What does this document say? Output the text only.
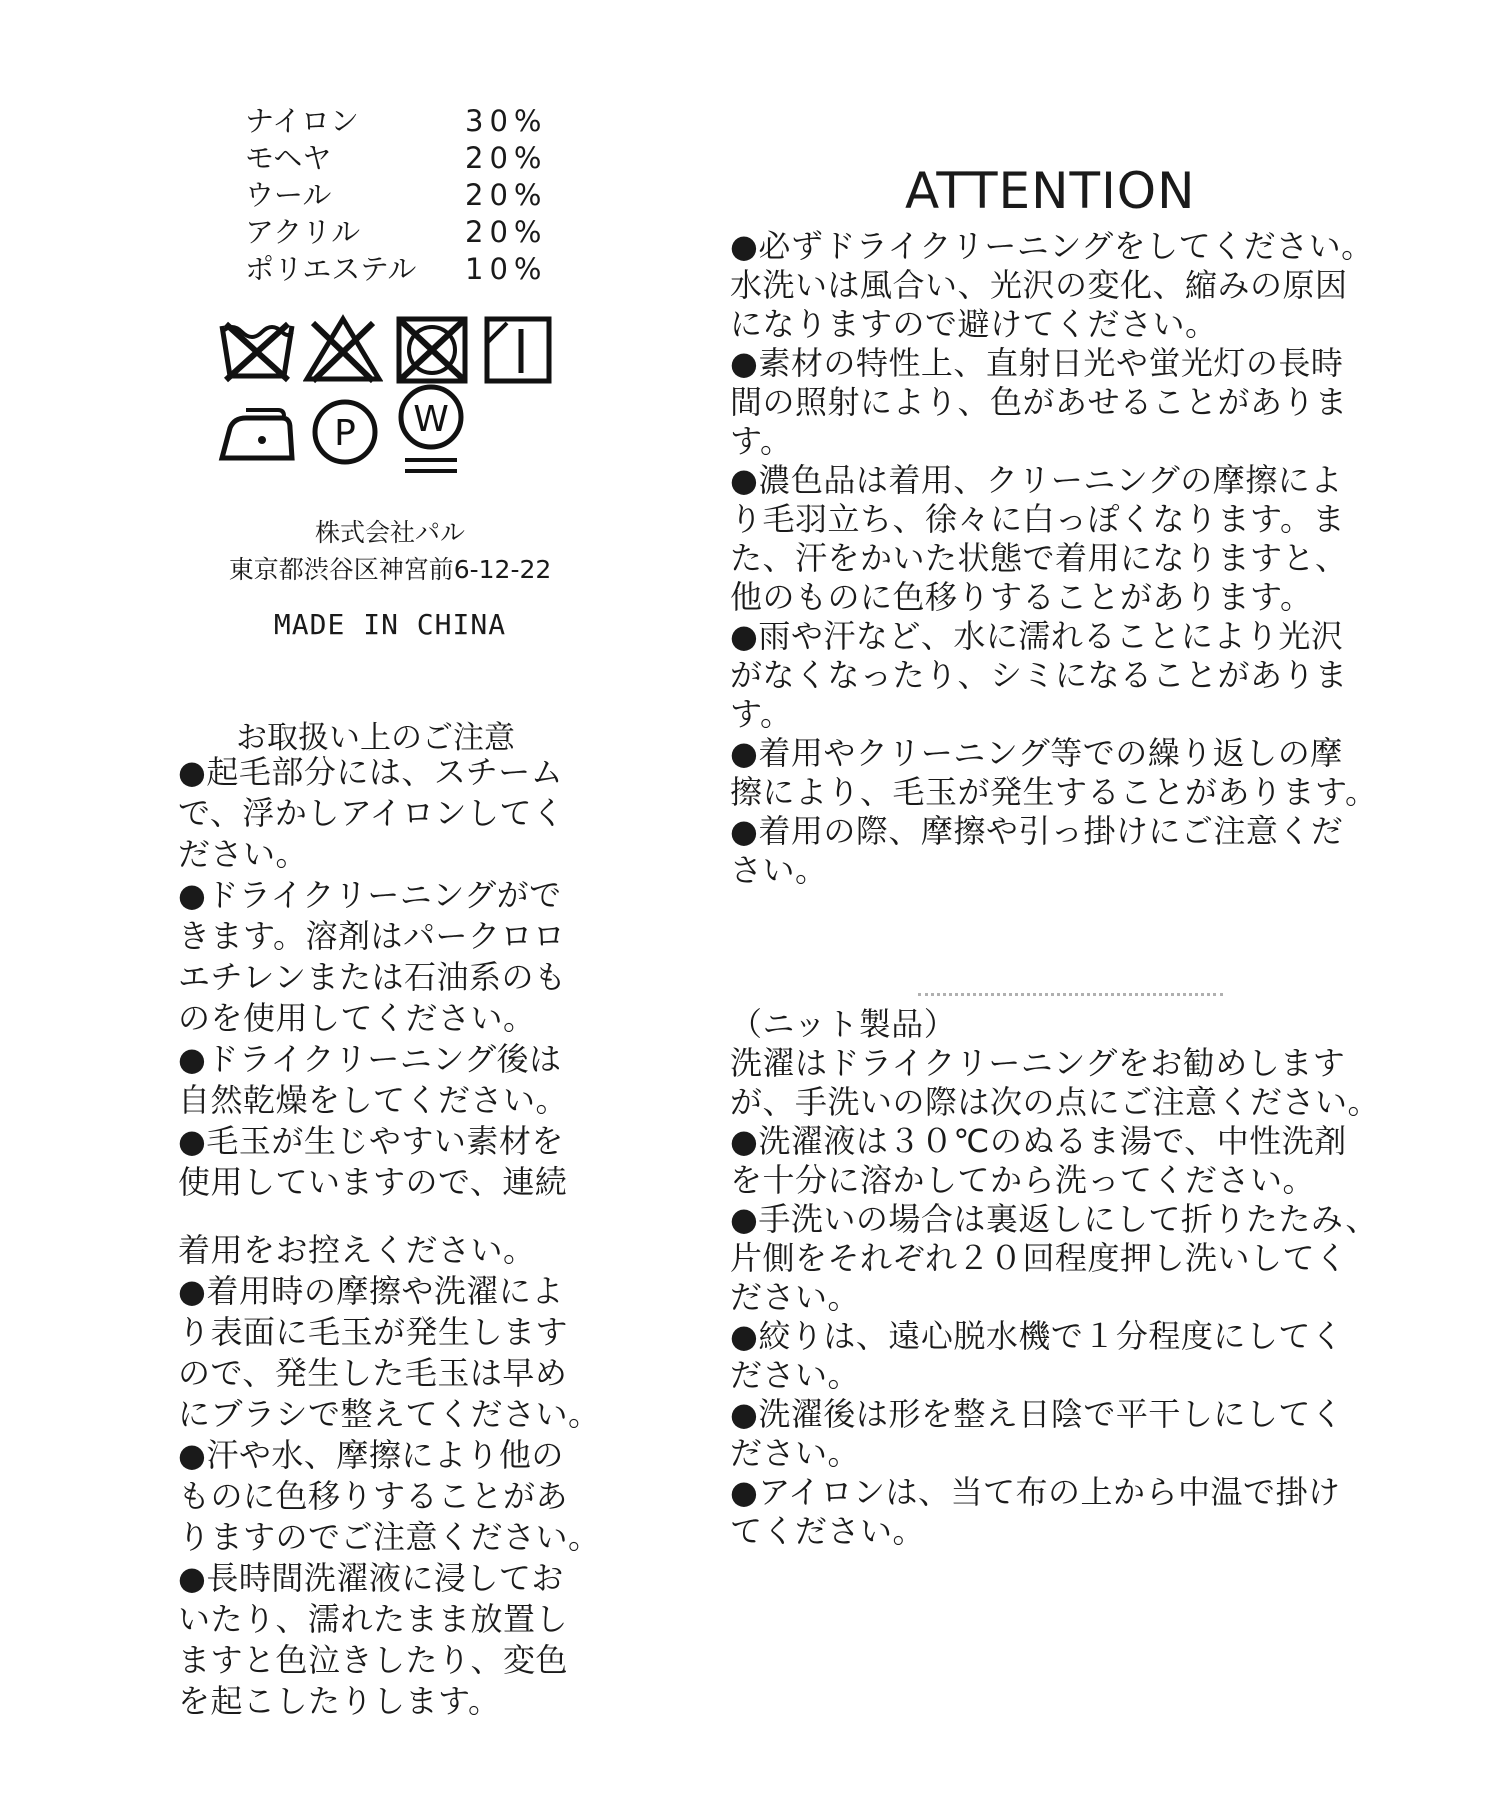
ナイロン	30%
モヘヤ	20%
ウール	20%
アクリル	20%
ポリエステル 10%
P W
株式会社パル
東京都渋谷区神宮前6-12-22
MADE IN CHINA
お取扱い上のご注意
●起毛部分には、スチーム
で、浮かしアイロンしてく
ださい。
●ドライクリーニングがで
きます。溶剤はパークロロ
エチレンまたは石油系のも
のを使用してください。
●ドライクリーニング後は
自然乾燥をしてください。
●毛玉が生じやすい素材を
使用していますので、連続
着用をお控えください。
●着用時の摩擦や洗濯によ
り表面に毛玉が発生します
ので、発生した毛玉は早め
にブラシで整えてください。
●汗や水、摩擦により他の
ものに色移りすることがあ
りますのでご注意ください。
●長時間洗濯液に浸してお
いたり、濡れたまま放置し
ますと色泣きしたり、変色
を起こしたりします。
ATTENTION
●必ずドライクリーニングをしてください。
水洗いは風合い、光沢の変化、縮みの原因
になりますので避けてください。
●素材の特性上、直射日光や蛍光灯の長時
間の照射により、色があせることがありま
す。
●濃色品は着用、クリーニングの摩擦によ
り毛羽立ち、徐々に白っぽくなります。ま
た、汗をかいた状態で着用になりますと、
他のものに色移りすることがあります。
●雨や汗など、水に濡れることにより光沢
がなくなったり、シミになることがありま
す。
●着用やクリーニング等での繰り返しの摩
擦により、毛玉が発生することがあります。
●着用の際、摩擦や引っ掛けにご注意くだ
さい。
（ニット製品）
洗濯はドライクリーニングをお勧めします
が、手洗いの際は次の点にご注意ください。
●洗濯液は３０℃のぬるま湯で、中性洗剤
を十分に溶かしてから洗ってください。
●手洗いの場合は裏返しにして折りたたみ、
片側をそれぞれ２０回程度押し洗いしてく
ださい。
●絞りは、遠心脱水機で１分程度にしてく
ださい。
●洗濯後は形を整え日陰で平干しにしてく
ださい。
●アイロンは、当て布の上から中温で掛け
てください。
